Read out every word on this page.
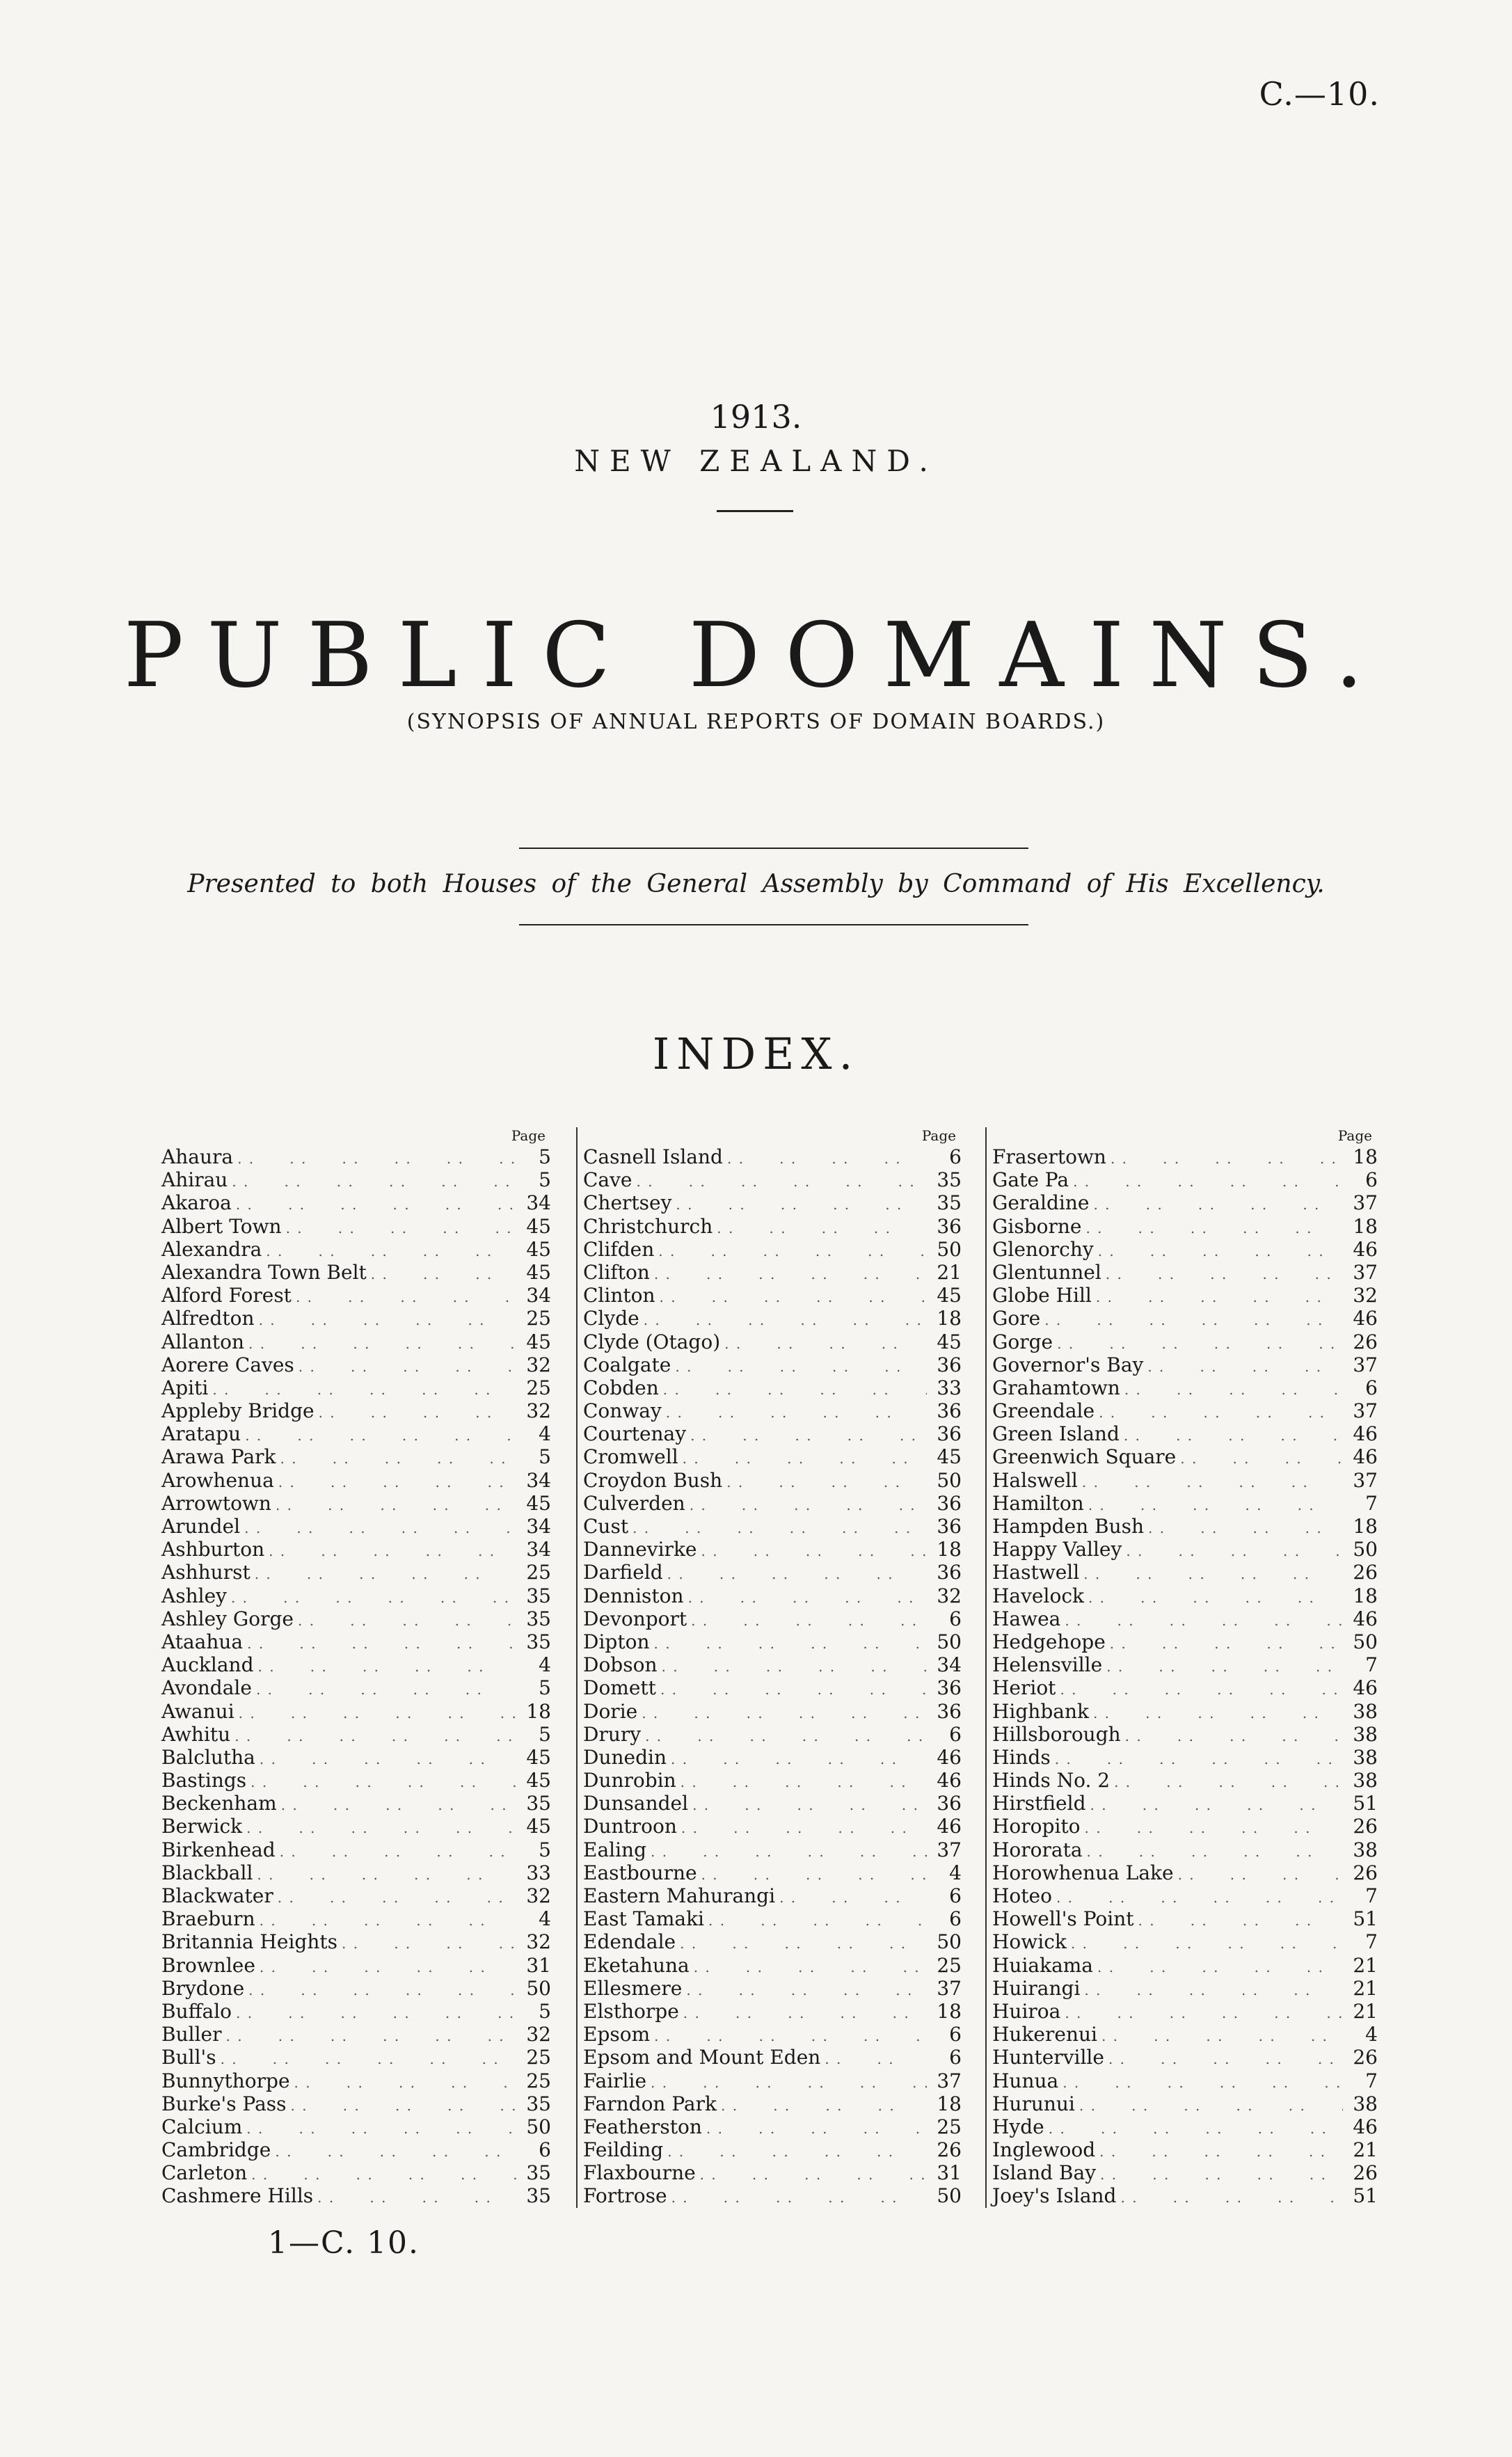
C.—10.
1913.
NEW ZEALAND.
PUBLIC DOMAINS.
(SYNOPSIS OF ANNUAL REPORTS OF DOMAIN BOARDS.)
Presented to both Houses of the General Assembly by Command of His Excellency.
INDEX.
Page
Ahaura . .	5
Ahirau . .	5
Akaroa . .	34
Albert Town . .	45
Alexandra . .	45
Alexandra Town Belt . .	45
Alford Forest . .	34
Alfredton . .	25
Allanton . .	45
Aorere Caves . .	32
Apiti . .	25
Appleby Bridge . .	32
Aratapu . .	4
Arawa Park . .	5
Arowhenua . .	34
Arrowtown . .	45
Arundel . .	34
Ashburton . .	34
Ashhurst . .	25
Ashley . .	35
Ashley Gorge . .	35
Ataahua . .	35
Auckland . .	4
Avondale . .	5
Awanui . .	18
Awhitu . .	5
Balclutha . .	45
Bastings . .	45
Beckenham . .	35
Berwick . .	45
Birkenhead . .	5
Blackball . .	33
Blackwater . .	32
Braeburn . .	4
Britannia Heights . .	32
Brownlee . .	31
Brydone . .	50
Buffalo . .	5
Buller . .	32
Bull's . .	25
Bunnythorpe . .	25
Burke's Pass . .	35
Calcium . .	50
Cambridge . .	6
Carleton . .	35
Cashmere Hills . .	35
Page
Casnell Island . .	6
Cave . .	35
Chertsey . .	35
Christchurch . .	36
Clifden . .	50
Clifton . .	21
Clinton . .	45
Clyde . .	18
Clyde (Otago) . .	45
Coalgate . .	36
Cobden . .	33
Conway . .	36
Courtenay . .	36
Cromwell . .	45
Croydon Bush . .	50
Culverden . .	36
Cust . .	36
Dannevirke . .	18
Darfield . .	36
Denniston . .	32
Devonport . .	6
Dipton . .	50
Dobson . .	34
Domett . .	36
Dorie . .	36
Drury . .	6
Dunedin . .	46
Dunrobin . .	46
Dunsandel . .	36
Duntroon . .	46
Ealing . .	37
Eastbourne . .	4
Eastern Mahurangi . .	6
East Tamaki . .	6
Edendale . .	50
Eketahuna . .	25
Ellesmere . .	37
Elsthorpe . .	18
Epsom . .	6
Epsom and Mount Eden . .	6
Fairlie . .	37
Farndon Park . .	18
Featherston . .	25
Feilding . .	26
Flaxbourne . .	31
Fortrose . .	50
Page
Frasertown . .	18
Gate Pa . .	6
Geraldine . .	37
Gisborne . .	18
Glenorchy . .	46
Glentunnel . .	37
Globe Hill . .	32
Gore . .	46
Gorge . .	26
Governor's Bay . .	37
Grahamtown . .	6
Greendale . .	37
Green Island . .	46
Greenwich Square . .	46
Halswell . .	37
Hamilton . .	7
Hampden Bush . .	18
Happy Valley . .	50
Hastwell . .	26
Havelock . .	18
Hawea . .	46
Hedgehope . .	50
Helensville . .	7
Heriot . .	46
Highbank . .	38
Hillsborough . .	38
Hinds . .	38
Hinds No. 2 . .	38
Hirstfield . .	51
Horopito . .	26
Hororata . .	38
Horowhenua Lake . .	26
Hoteo . .	7
Howell's Point . .	51
Howick . .	7
Huiakama . .	21
Huirangi . .	21
Huiroa . .	21
Hukerenui . .	4
Hunterville . .	26
Hunua . .	7
Hurunui . .	38
Hyde . .	46
Inglewood . .	21
Island Bay . .	26
Joey's Island . .	51
1—C. 10.
